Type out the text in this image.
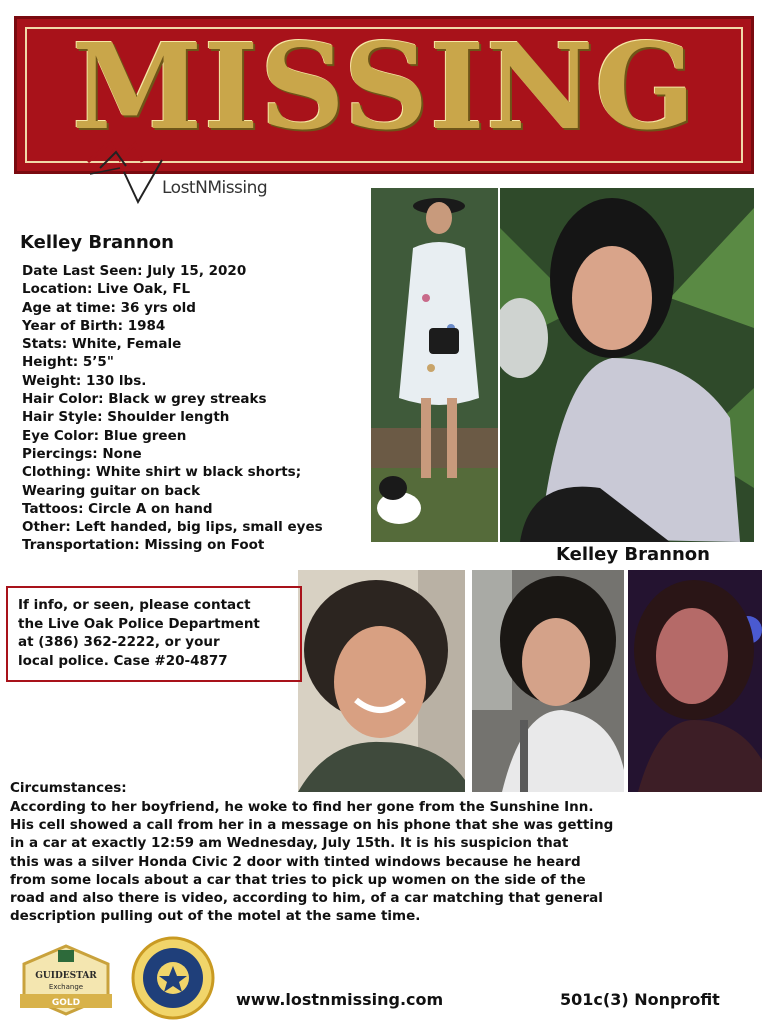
MISSING
LostNMissing
Kelley Brannon
Date Last Seen: July 15, 2020
Location: Live Oak, FL
Age at time: 36 yrs old
Year of Birth: 1984
Stats: White, Female
Height: 5’5"
Weight: 130 lbs.
Hair Color: Black w grey streaks
Hair Style: Shoulder length
Eye Color: Blue green
Piercings: None
Clothing: White shirt w black shorts;
Wearing guitar on back
Tattoos: Circle A on hand
Other: Left handed, big lips, small eyes
Transportation: Missing on Foot	Kelley Brannon
If info, or seen, please contact
the Live Oak Police Department
at (386) 362-2222, or your
local police. Case #20-4877
Circumstances:
According to her boyfriend, he woke to find her gone from the Sunshine Inn.
His cell showed a call from her in a message on his phone that she was getting
in a car at exactly 12:59 am Wednesday, July 15th. It is his suspicion that
this was a silver Honda Civic 2 door with tinted windows because he heard
from some locals about a car that tries to pick up women on the side of the
road and also there is video, according to him, of a car matching that general
description pulling out of the motel at the same time.
GUIDESTAR
Exchange
GOLD	www.lostnmissing.com	501c(3) Nonprofit
